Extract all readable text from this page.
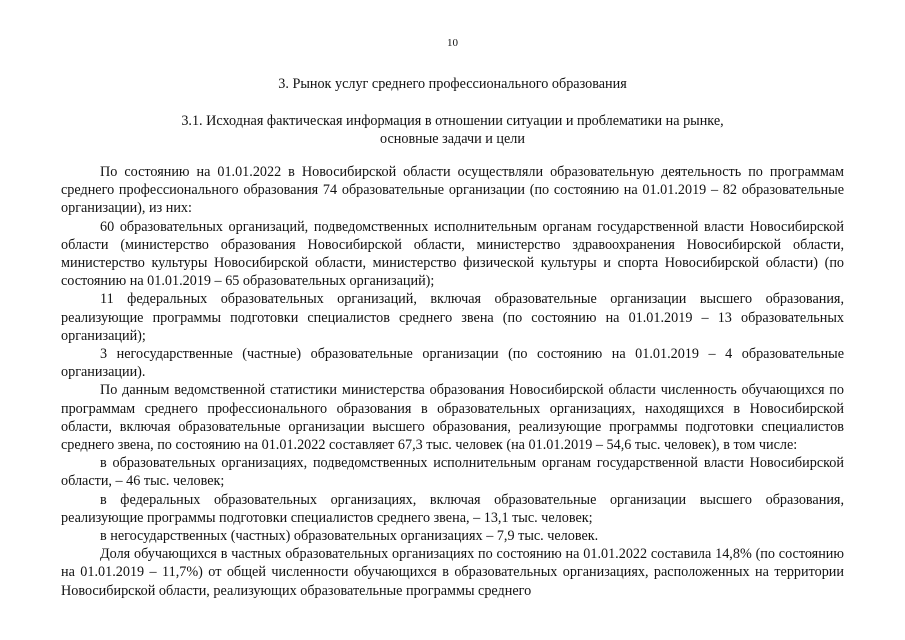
10
3. Рынок услуг среднего профессионального образования
3.1. Исходная фактическая информация в отношении ситуации и проблематики на рынке,
основные задачи и цели

По состоянию на 01.01.2022 в Новосибирской области осуществляли образовательную деятельность по программам среднего профессионального образования 74 образовательные организации (по состоянию на 01.01.2019 – 82 образовательные организации), из них:

60 образовательных организаций, подведомственных исполнительным органам государственной власти Новосибирской области (министерство образования Новосибирской области, министерство здравоохранения Новосибирской области, министерство культуры Новосибирской области, министерство физической культуры и спорта Новосибирской области) (по состоянию на 01.01.2019 – 65 образовательных организаций);

11 федеральных образовательных организаций, включая образовательные организации высшего образования, реализующие программы подготовки специалистов среднего звена (по состоянию на 01.01.2019 – 13 образовательных организаций);

3 негосударственные (частные) образовательные организации (по состоянию на 01.01.2019 – 4 образовательные организации).

По данным ведомственной статистики министерства образования Новосибирской области численность обучающихся по программам среднего профессионального образования в образовательных организациях, находящихся в Новосибирской области, включая образовательные организации высшего образования, реализующие программы подготовки специалистов среднего звена, по состоянию на 01.01.2022 составляет 67,3 тыс. человек (на 01.01.2019 – 54,6 тыс. человек), в том числе:

в образовательных организациях, подведомственных исполнительным органам государственной власти Новосибирской области, – 46 тыс. человек;

в федеральных образовательных организациях, включая образовательные организации высшего образования, реализующие программы подготовки специалистов среднего звена, – 13,1 тыс. человек;

в негосударственных (частных) образовательных организациях – 7,9 тыс. человек.

Доля обучающихся в частных образовательных организациях по состоянию на 01.01.2022 составила 14,8% (по состоянию на 01.01.2019 – 11,7%) от общей численности обучающихся в образовательных организациях, расположенных на территории Новосибирской области, реализующих образовательные программы среднего
